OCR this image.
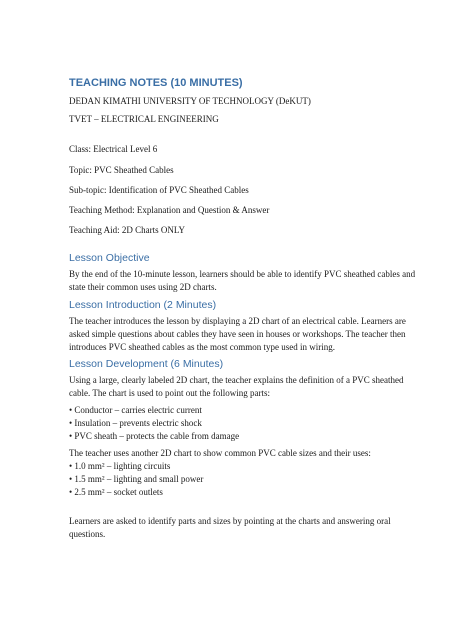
TEACHING NOTES (10 MINUTES)
DEDAN KIMATHI UNIVERSITY OF TECHNOLOGY (DeKUT)
TVET – ELECTRICAL ENGINEERING
Class: Electrical Level 6
Topic: PVC Sheathed Cables
Sub-topic: Identification of PVC Sheathed Cables
Teaching Method: Explanation and Question & Answer
Teaching Aid: 2D Charts ONLY
Lesson Objective
By the end of the 10-minute lesson, learners should be able to identify PVC sheathed cables and state their common uses using 2D charts.
Lesson Introduction (2 Minutes)
The teacher introduces the lesson by displaying a 2D chart of an electrical cable. Learners are asked simple questions about cables they have seen in houses or workshops. The teacher then introduces PVC sheathed cables as the most common type used in wiring.
Lesson Development (6 Minutes)
Using a large, clearly labeled 2D chart, the teacher explains the definition of a PVC sheathed cable. The chart is used to point out the following parts:
• Conductor – carries electric current
• Insulation – prevents electric shock
• PVC sheath – protects the cable from damage
The teacher uses another 2D chart to show common PVC cable sizes and their uses:
• 1.0 mm² – lighting circuits
• 1.5 mm² – lighting and small power
• 2.5 mm² – socket outlets
Learners are asked to identify parts and sizes by pointing at the charts and answering oral questions.
